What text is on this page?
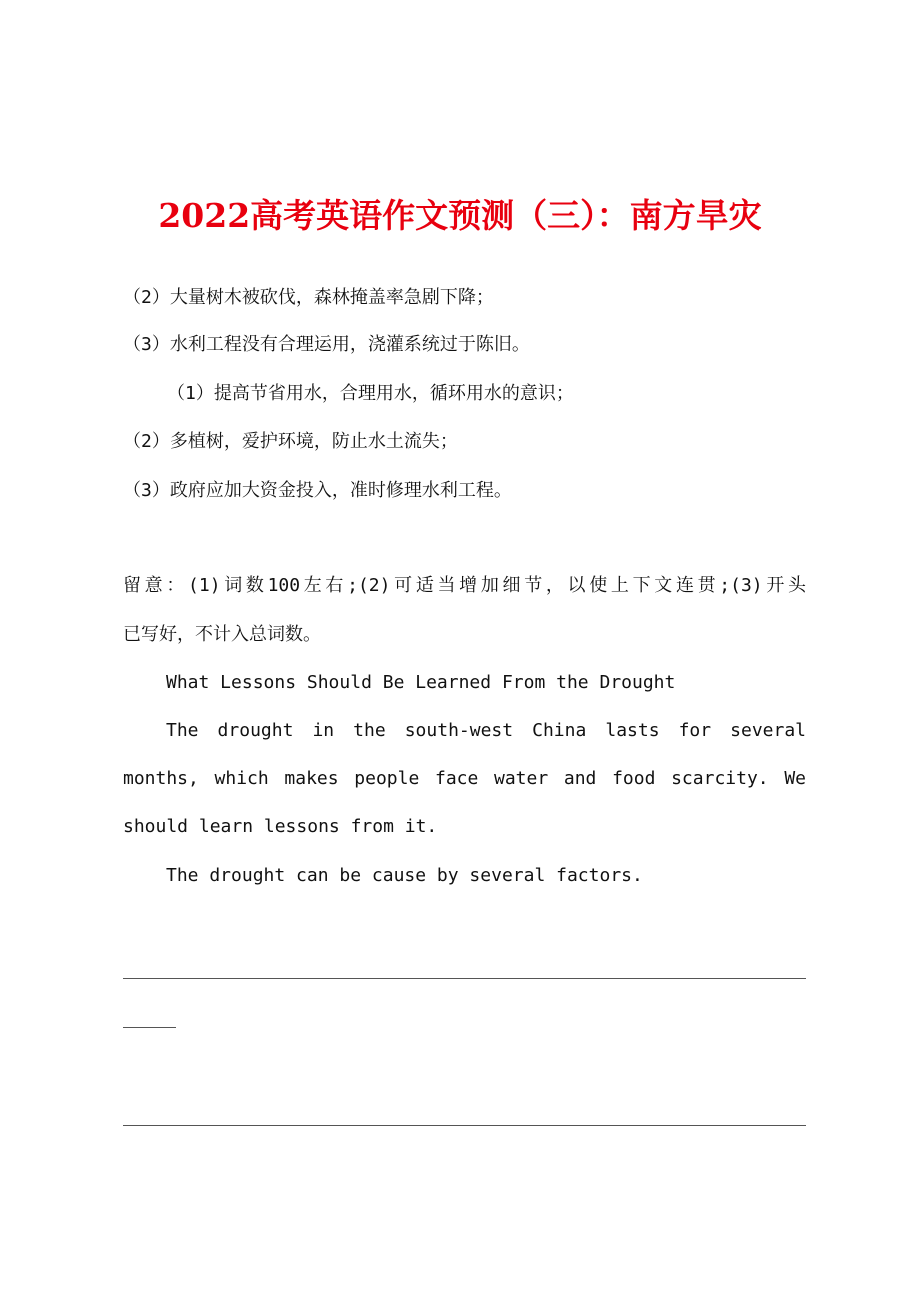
2022高考英语作文预测（三）：南方旱灾
（2）大量树木被砍伐，森林掩盖率急剧下降；
（3）水利工程没有合理运用，浇灌系统过于陈旧。
（1）提高节省用水，合理用水，循环用水的意识；
（2）多植树，爱护环境，防止水土流失；
（3）政府应加大资金投入，准时修理水利工程。
留意：(1)词数100左右;(2)可适当增加细节，以使上下文连贯;(3)开头
已写好，不计入总词数。
What Lessons Should Be Learned From the Drought
The drought in the south-west China lasts for several
months, which makes people face water and food scarcity. We
should learn lessons from it.
The drought can be cause by several factors.
